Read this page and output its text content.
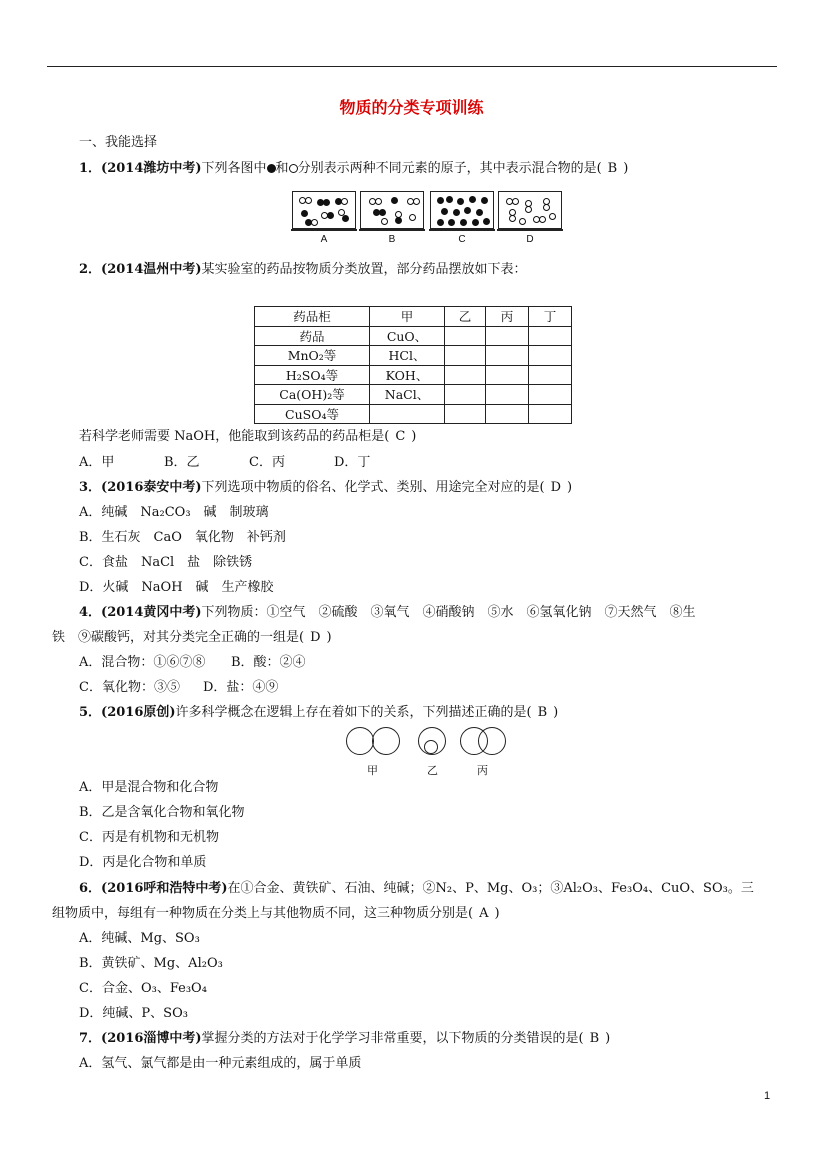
物质的分类专项训练
一、我能选择
1．(2014潍坊中考)下列各图中 和 分别表示两种不同元素的原子，其中表示混合物的是( B )
A	B	C	D
2．(2014温州中考)某实验室的药品按物质分类放置，部分药品摆放如下表：
药品柜	甲	乙	丙	丁
药品	CuO、			
MnO₂等	HCl、			
H₂SO₄等	KOH、			
Ca(OH)₂等	NaCl、			
CuSO₄等				
若科学老师需要 NaOH，他能取到该药品的药品柜是( C )
A．甲	B．乙	C．丙	D．丁
3．(2016泰安中考)下列选项中物质的俗名、化学式、类别、用途完全对应的是( D )
A．纯碱　Na₂CO₃　碱　制玻璃
B．生石灰　CaO　氧化物　补钙剂
C．食盐　NaCl　盐　除铁锈
D．火碱　NaOH　碱　生产橡胶
4．(2014黄冈中考)下列物质：①空气　②硫酸　③氧气　④硝酸钠　⑤水　⑥氢氧化钠　⑦天然气　⑧生
铁　⑨碳酸钙，对其分类完全正确的一组是( D )
A．混合物：①⑥⑦⑧ B．酸：②④
C．氧化物：③⑤ D．盐：④⑨
5．(2016原创)许多科学概念在逻辑上存在着如下的关系，下列描述正确的是( B )
甲	乙	丙
A．甲是混合物和化合物
B．乙是含氧化合物和氧化物
C．丙是有机物和无机物
D．丙是化合物和单质
6．(2016呼和浩特中考)在①合金、黄铁矿、石油、纯碱；②N₂、P、Mg、O₃；③Al₂O₃、Fe₃O₄、CuO、SO₃。三
组物质中，每组有一种物质在分类上与其他物质不同，这三种物质分别是( A )
A．纯碱、Mg、SO₃
B．黄铁矿、Mg、Al₂O₃
C．合金、O₃、Fe₃O₄
D．纯碱、P、SO₃
7．(2016淄博中考)掌握分类的方法对于化学学习非常重要，以下物质的分类错误的是( B )
A．氢气、氯气都是由一种元素组成的，属于单质
1
